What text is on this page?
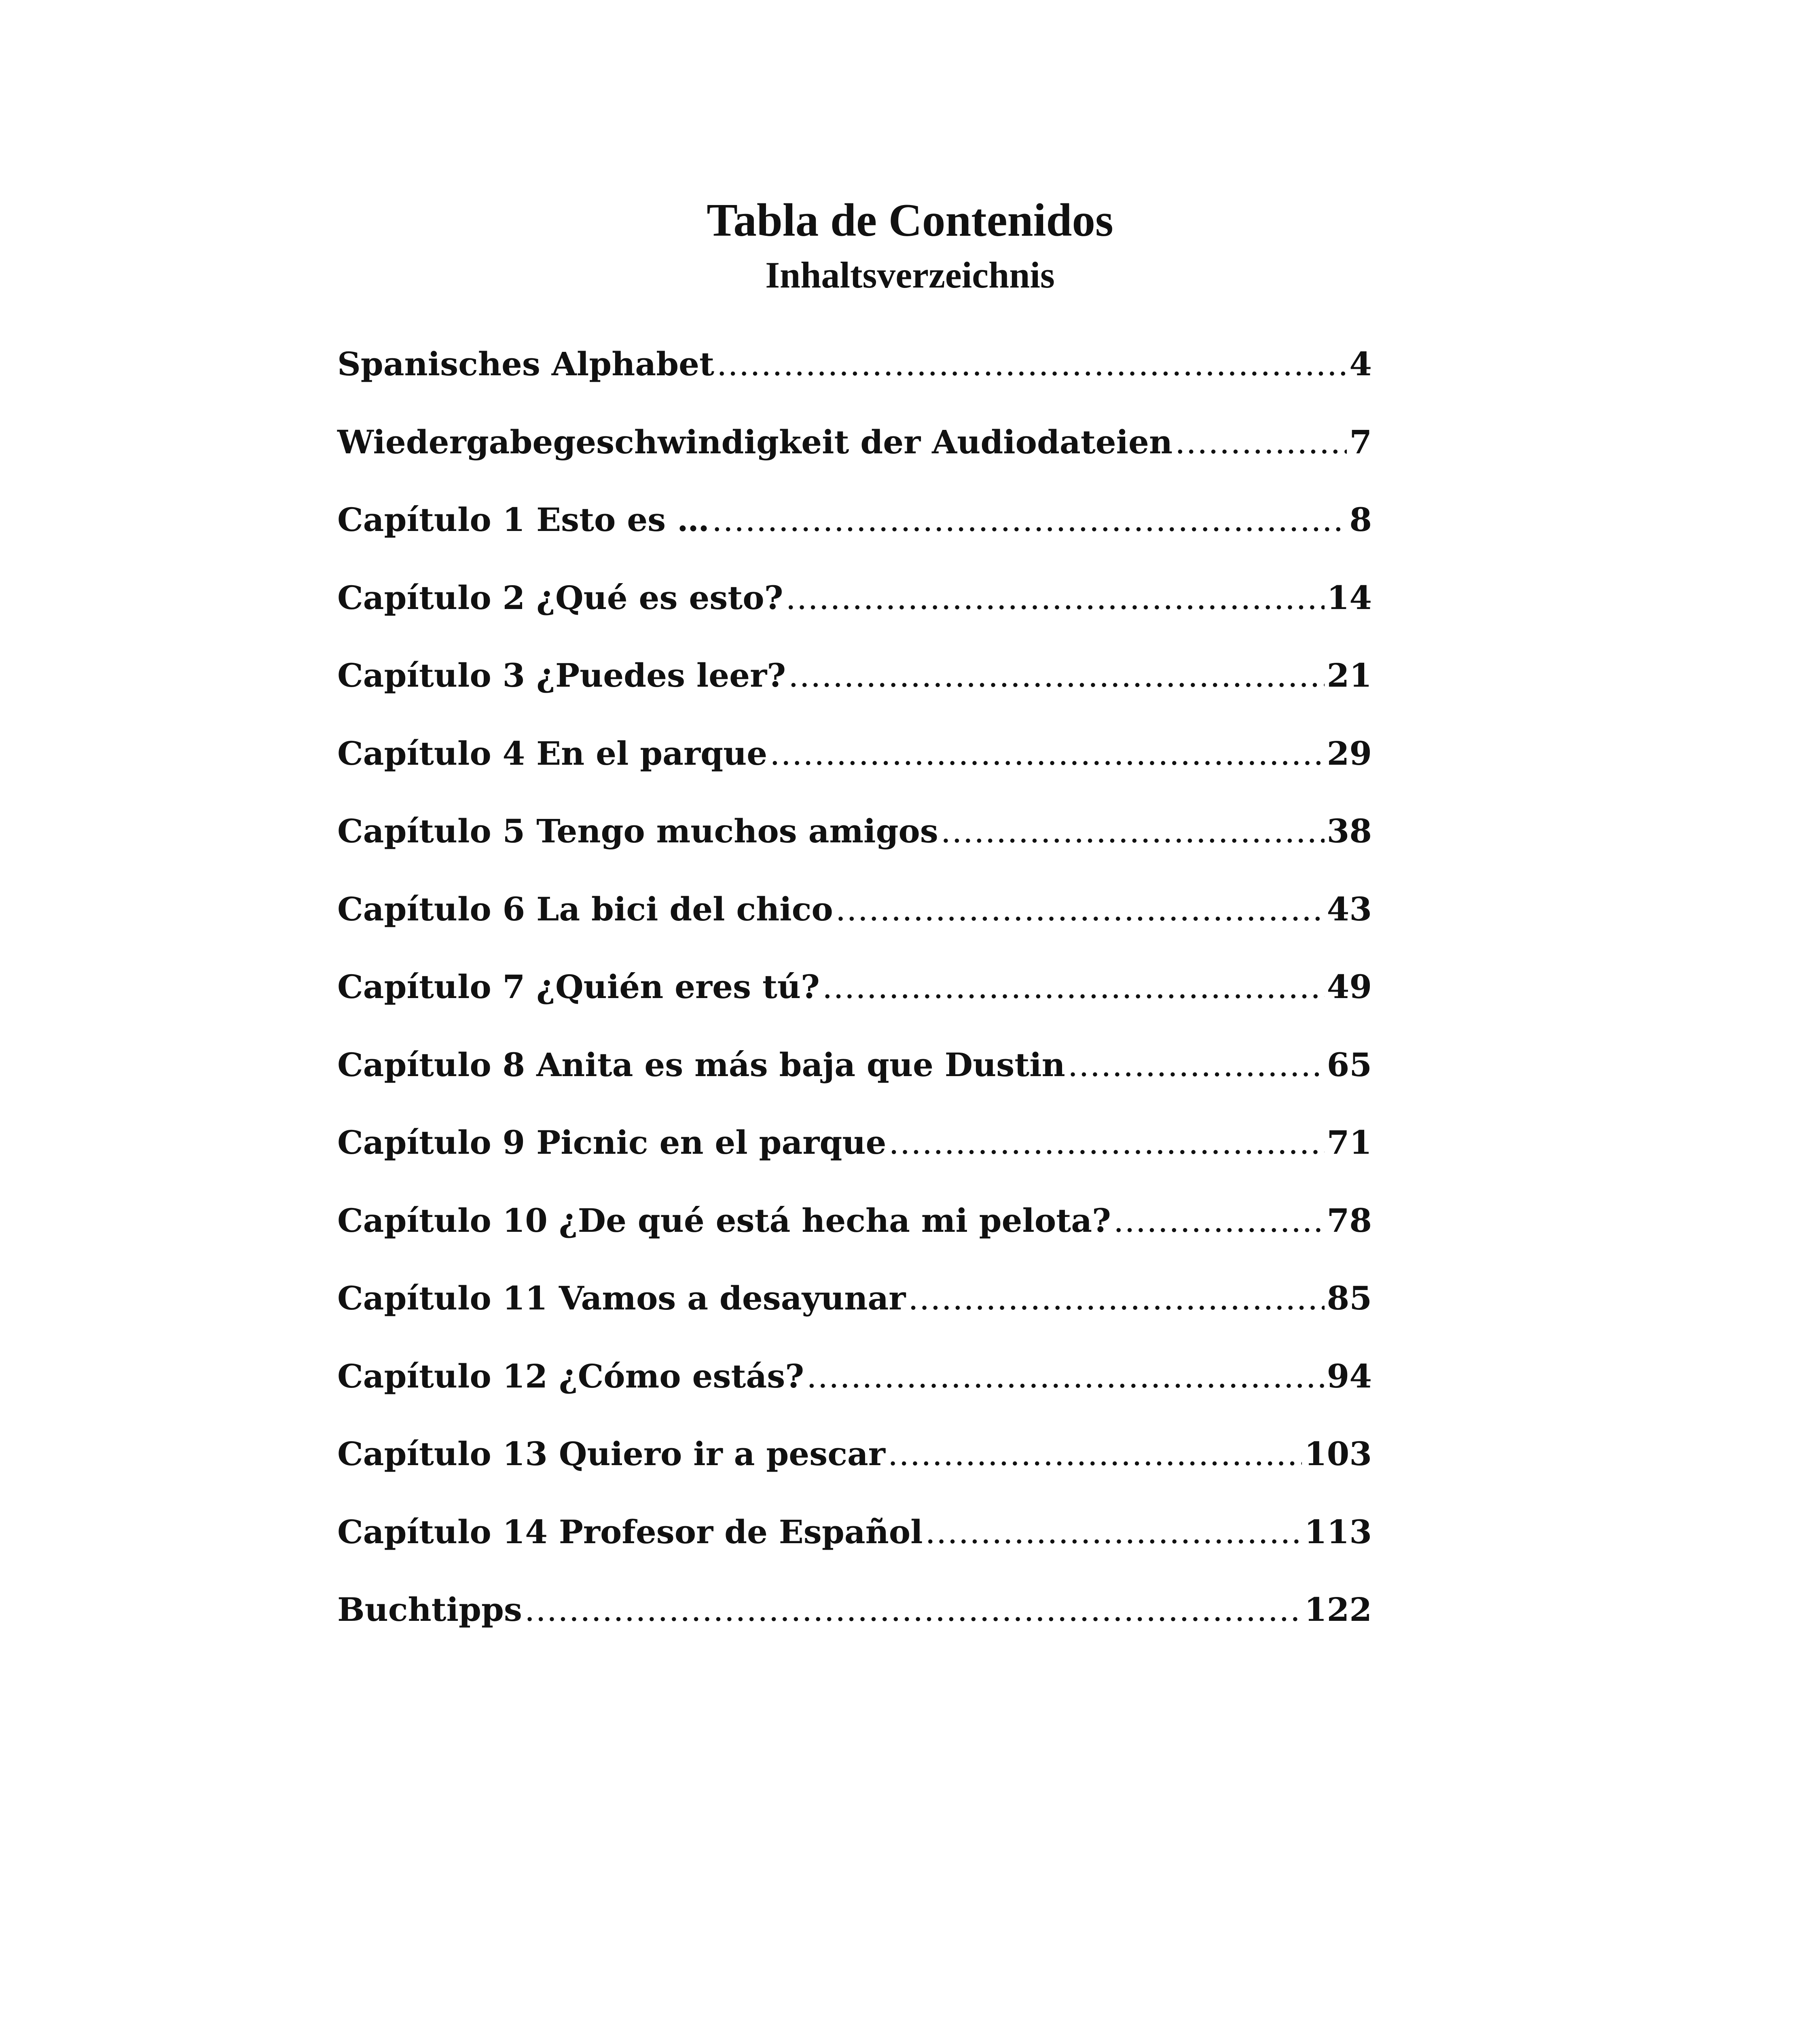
Tabla de Contenidos
Inhaltsverzeichnis
Spanisches Alphabet .....	4
Wiedergabegeschwindigkeit der Audiodateien .....	7
Capítulo 1 Esto es … .....	8
Capítulo 2 ¿Qué es esto? .....	14
Capítulo 3 ¿Puedes leer? .....	21
Capítulo 4 En el parque .....	29
Capítulo 5 Tengo muchos amigos .....	38
Capítulo 6 La bici del chico .....	43
Capítulo 7 ¿Quién eres tú? .....	49
Capítulo 8 Anita es más baja que Dustin .....	65
Capítulo 9 Picnic en el parque .....	71
Capítulo 10 ¿De qué está hecha mi pelota? .....	78
Capítulo 11 Vamos a desayunar .....	85
Capítulo 12 ¿Cómo estás? .....	94
Capítulo 13 Quiero ir a pescar .....	103
Capítulo 14 Profesor de Español .....	113
Buchtipps .....	122
